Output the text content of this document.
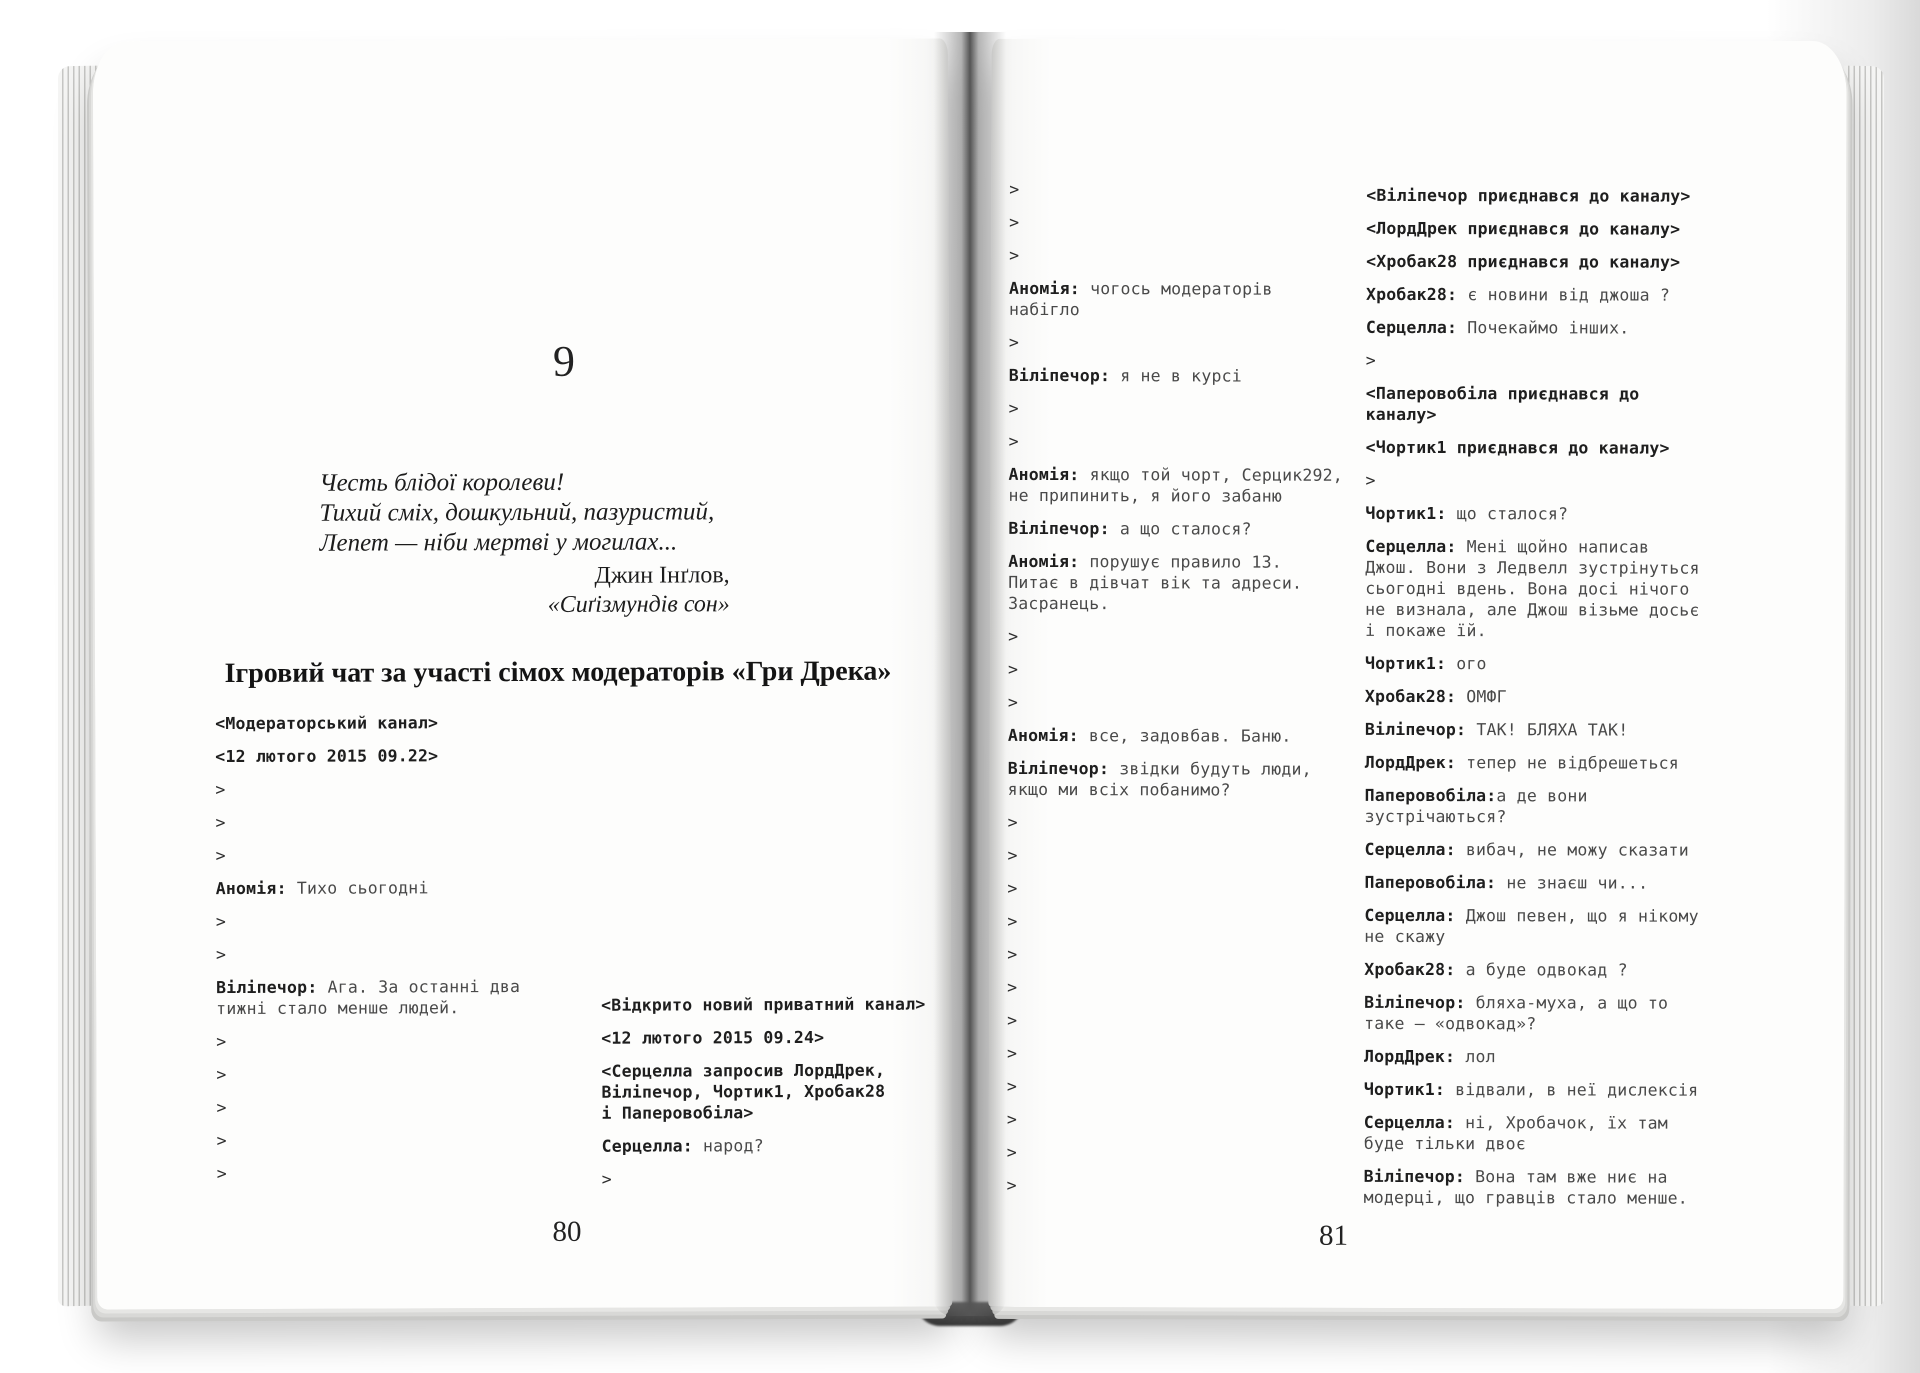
9
Честь блідої королеви!
Тихий сміх, дошкульний, пазуристий,
Лепет — ніби мертві у могилах...
Джин Інґлов,
«Сиґізмундів сон»
Ігровий чат за участі сімох модераторів «Гри Дрека»

<Модераторський канал>

<12 лютого 2015 09.22>

>

>

>

Аномія: Тихо сьогодні

>

>

Віліпечор: Ага. За останні два
тижні стало менше людей.

>

>

>

>

>

<Відкрито новий приватний канал>

<12 лютого 2015 09.24>

<Серцелла запросив ЛордДрек,
Віліпечор, Чортик1, Хробак28
і Паперовобіла>

Серцелла: народ?

>

80

>

>

>

Аномія: чогось модераторів
набігло

>

Віліпечор: я не в курсі

>

>

Аномія: якщо той чорт, Серцик292,
не припинить, я його забаню

Віліпечор: а що сталося?

Аномія: порушує правило 13.
Питає в дівчат вік та адреси.
Засранець.

>

>

>

Аномія: все, задовбав. Баню.

Віліпечор: звідки будуть люди,
якщо ми всіх побанимо?

>

>

>

>

>

>

>

>

>

>

>

>

<Віліпечор приєднався до каналу>

<ЛордДрек приєднався до каналу>

<Хробак28 приєднався до каналу>

Хробак28: є новини від джоша ?

Серцелла: Почекаймо інших.

>

<Паперовобіла приєднався до
каналу>

<Чортик1 приєднався до каналу>

>

Чортик1: що сталося?

Серцелла: Мені щойно написав
Джош. Вони з Ледвелл зустрінуться
сьогодні вдень. Вона досі нічого
не визнала, але Джош візьме досьє
і покаже їй.

Чортик1: ого

Хробак28: ОМФГ

Віліпечор: ТАК! БЛЯХА ТАК!

ЛордДрек: тепер не відбрешеться

Паперовобіла:а де вони
зустрічаються?

Серцелла: вибач, не можу сказати

Паперовобіла: не знаєш чи...

Серцелла: Джош певен, що я нікому
не скажу

Хробак28: а буде одвокад ?

Віліпечор: бляха-муха, а що то
таке – «одвокад»?

ЛордДрек: лол

Чортик1: відвали, в неї дислексія

Серцелла: ні, Хробачок, їх там
буде тільки двоє

Віліпечор: Вона там вже ниє на
модерці, що гравців стало менше.

81
